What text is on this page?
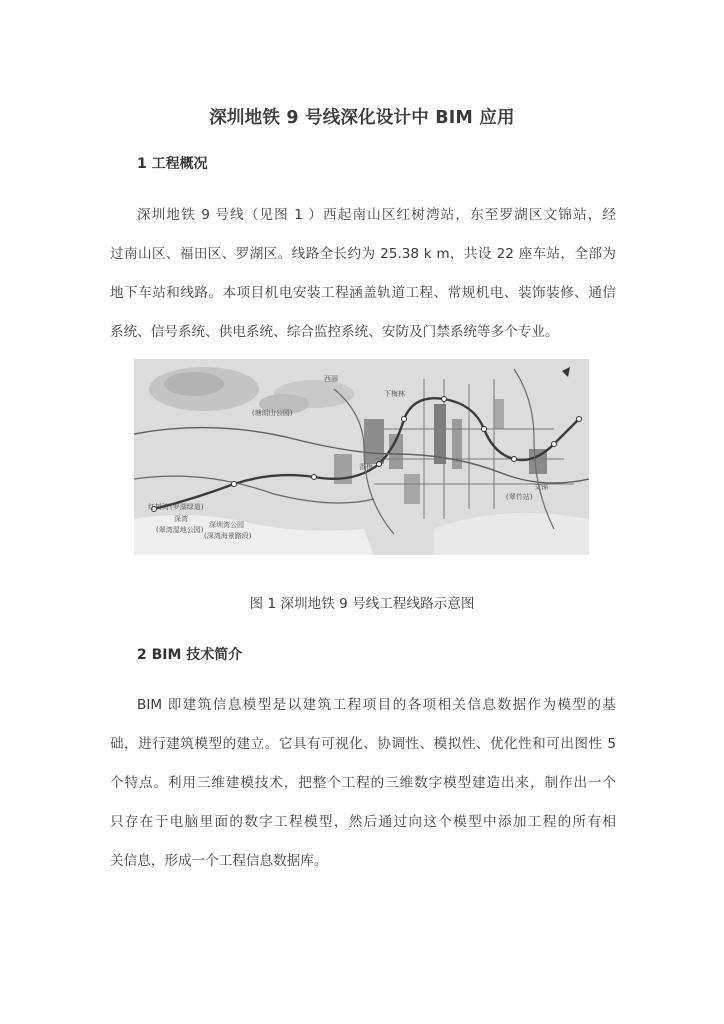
深圳地铁 9 号线深化设计中 BIM 应用
1 工程概况
深圳地铁 9 号线（见图 1 ）西起南山区红树湾站，东至罗湖区文锦站，经
过南山区、福田区、罗湖区。线路全长约为 25.38 k m，共设 22 座车站，全部为
地下车站和线路。本项目机电安装工程涵盖轨道工程、常规机电、装饰装修、通信
系统、信号系统、供电系统、综合监控系统、安防及门禁系统等多个专业。
(塘朗山公园)
红树湾 (罗湖绿道)
深湾
(翠湾湿地公园)
深圳湾公园
(深湾海景路段)
香梅
下梅林
西丽
文锦
(翠竹站)
图 1 深圳地铁 9 号线工程线路示意图
2 BIM 技术简介
BIM 即建筑信息模型是以建筑工程项目的各项相关信息数据作为模型的基
础，进行建筑模型的建立。它具有可视化、协调性、模拟性、优化性和可出图性 5
个特点。利用三维建模技术，把整个工程的三维数字模型建造出来，制作出一个
只存在于电脑里面的数字工程模型，然后通过向这个模型中添加工程的所有相
关信息，形成一个工程信息数据库。
